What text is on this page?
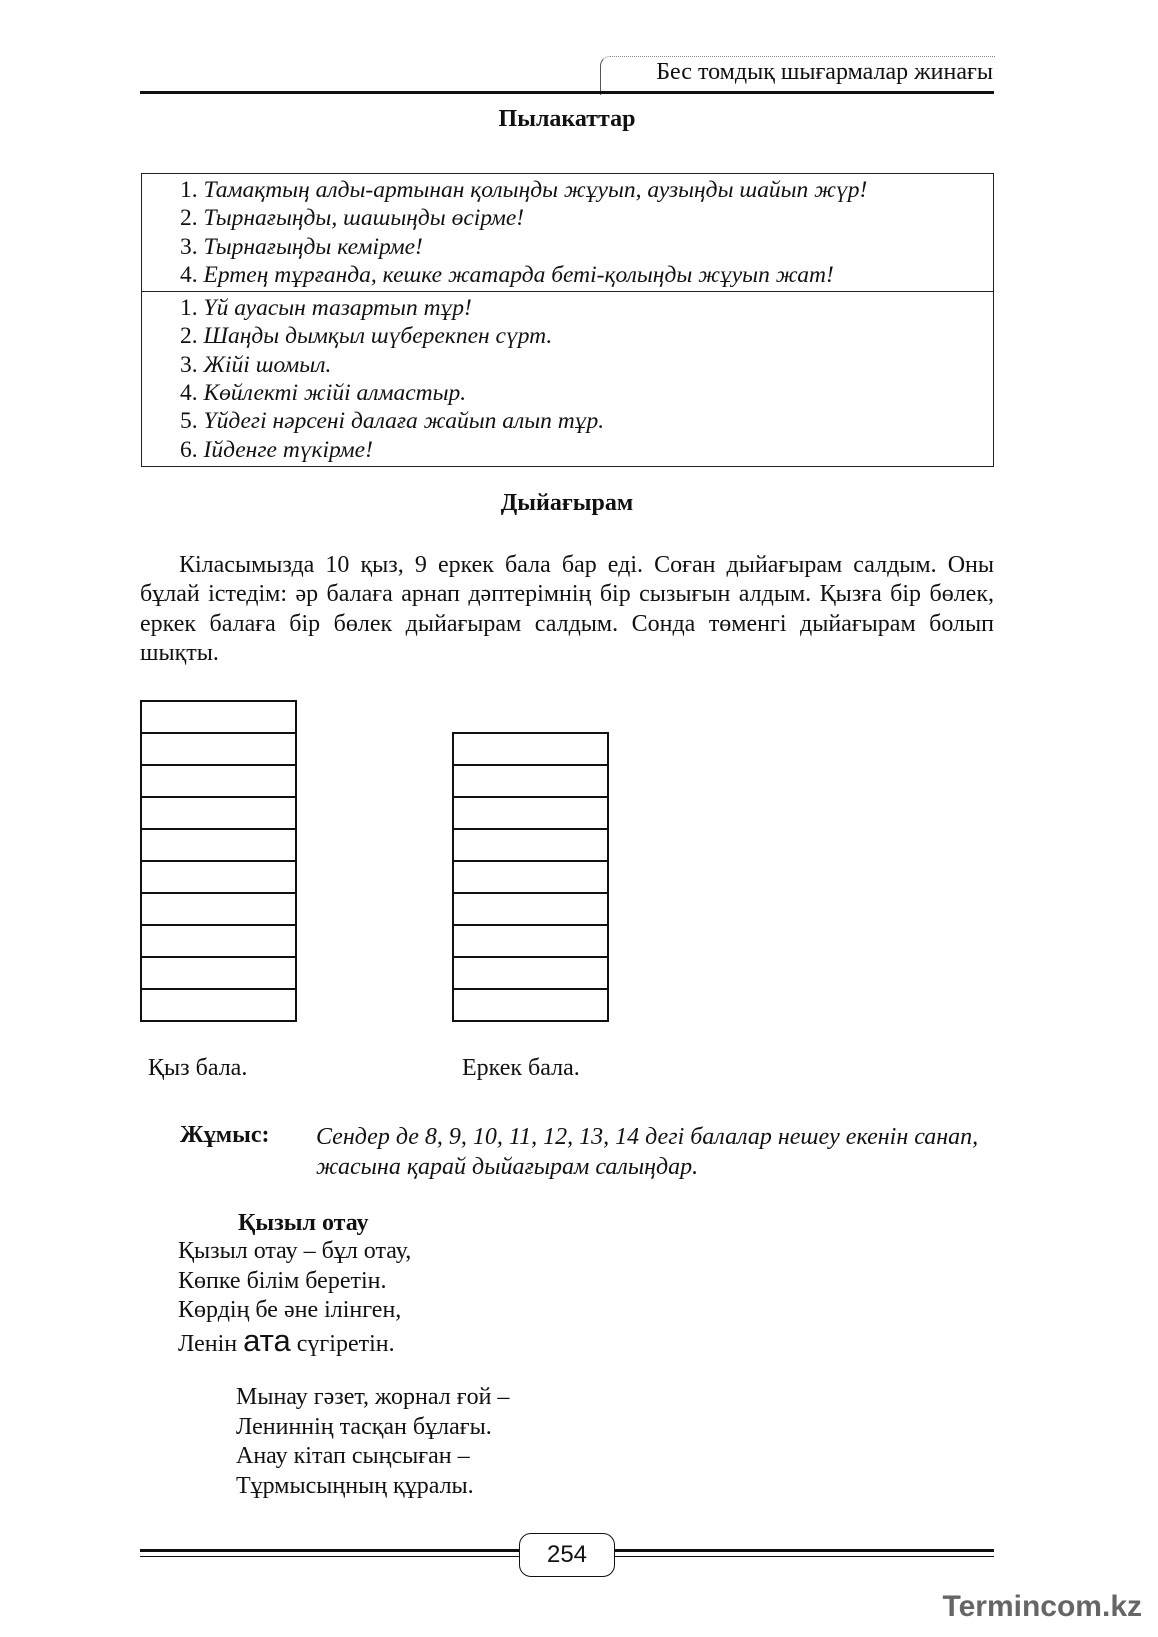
Бес томдық шығармалар жинағы
Пылакаттар
1. Тамақтың алды-артынан қолыңды жұуып, аузыңды шайып жүр!
2. Тырнағыңды, шашыңды өсірме!
3. Тырнағыңды кемірме!
4. Ертең тұрғанда, кешке жатарда беті-қолыңды жұуып жат!
1. Үй ауасын тазартып тұр!
2. Шаңды дымқыл шүберекпен сүрт.
3. Жійі шомыл.
4. Көйлекті жійі алмастыр.
5. Үйдегі нәрсені далаға жайып алып тұр.
6. Ійденге түкірме!
Дыйағырам
Кіласымызда 10 қыз, 9 еркек бала бар еді. Соған дыйағырам салдым. Оны бұлай істедім: әр балаға арнап дәптерімнің бір сызығын алдым. Қызға бір бөлек, еркек балаға бір бөлек дыйағырам салдым. Сонда төменгі дыйағырам болып шықты.
Қыз бала.	Еркек бала.
Жұмыс: Сендер де 8, 9, 10, 11, 12, 13, 14 дегі балалар нешеу екенін санап, жасына қарай дыйағырам салыңдар.
Қызыл отау
Қызыл отау – бұл отау,
Көпке білім беретін.
Көрдің бе әне ілінген,
Ленін ата сүгіретін.
Мынау гәзет, жорнал ғой –
Лениннің тасқан бұлағы.
Анау кітап сыңсыған –
Тұрмысыңның құралы.
254
Termincom.kz
